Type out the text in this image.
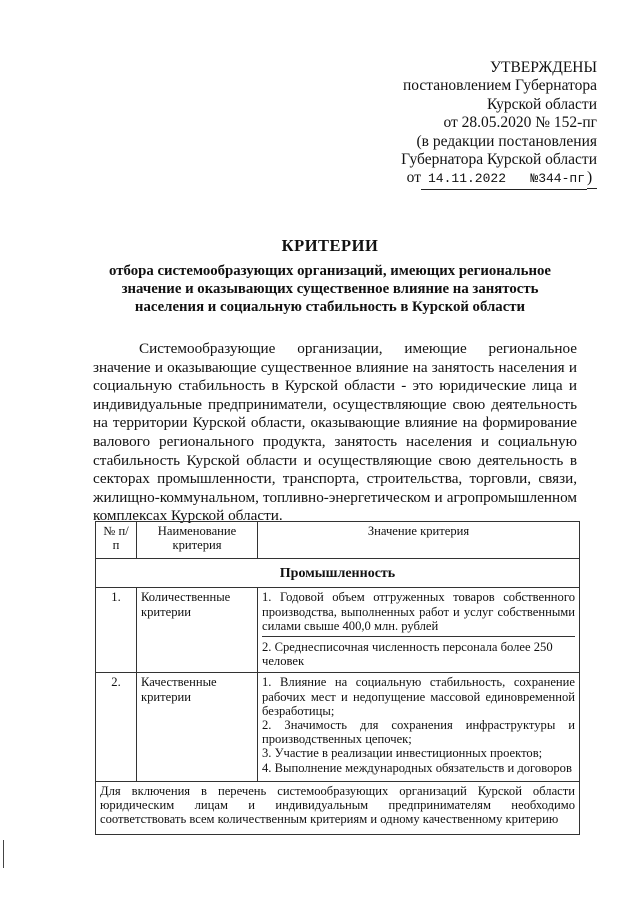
УТВЕРЖДЕНЫ
постановлением Губернатора
Курской области
от 28.05.2020 № 152-пг
(в редакции постановления
Губернатора Курской области
от 14.11.2022 №344-пг )
КРИТЕРИИ
отбора системообразующих организаций, имеющих региональное значение и оказывающих существенное влияние на занятость населения и социальную стабильность в Курской области

Системообразующие организации, имеющие региональное значение и оказывающие существенное влияние на занятость населения и социальную стабильность в Курской области - это юридические лица и индивидуальные предприниматели, осуществляющие свою деятельность на территории Курской области, оказывающие влияние на формирование валового регионального продукта, занятость населения и социальную стабильность Курской области и осуществляющие свою деятельность в секторах промышленности, транспорта, строительства, торговли, связи, жилищно-коммунальном, топливно-энергетическом и агропромышленном комплексах Курской области.

№ п/п	Наименование критерия	Значение критерия
Промышленность		
1.	Количественные критерии	1. Годовой объем отгруженных товаров собственного производства, выполненных работ и услуг собственными силами свыше 400,0 млн. рублей
2. Среднесписочная численность персонала более 250 человек

2.	Качественные критерии	1. Влияние на социальную стабильность, сохранение рабочих мест и недопущение массовой единовременной безработицы;
2. Значимость для сохранения инфраструктуры и производственных цепочек;
3. Участие в реализации инвестиционных проектов;
4. Выполнение международных обязательств и договоров

Для включения в перечень системообразующих организаций Курской области юридическим лицам и индивидуальным предпринимателям необходимо соответствовать всем количественным критериям и одному качественному критерию		
